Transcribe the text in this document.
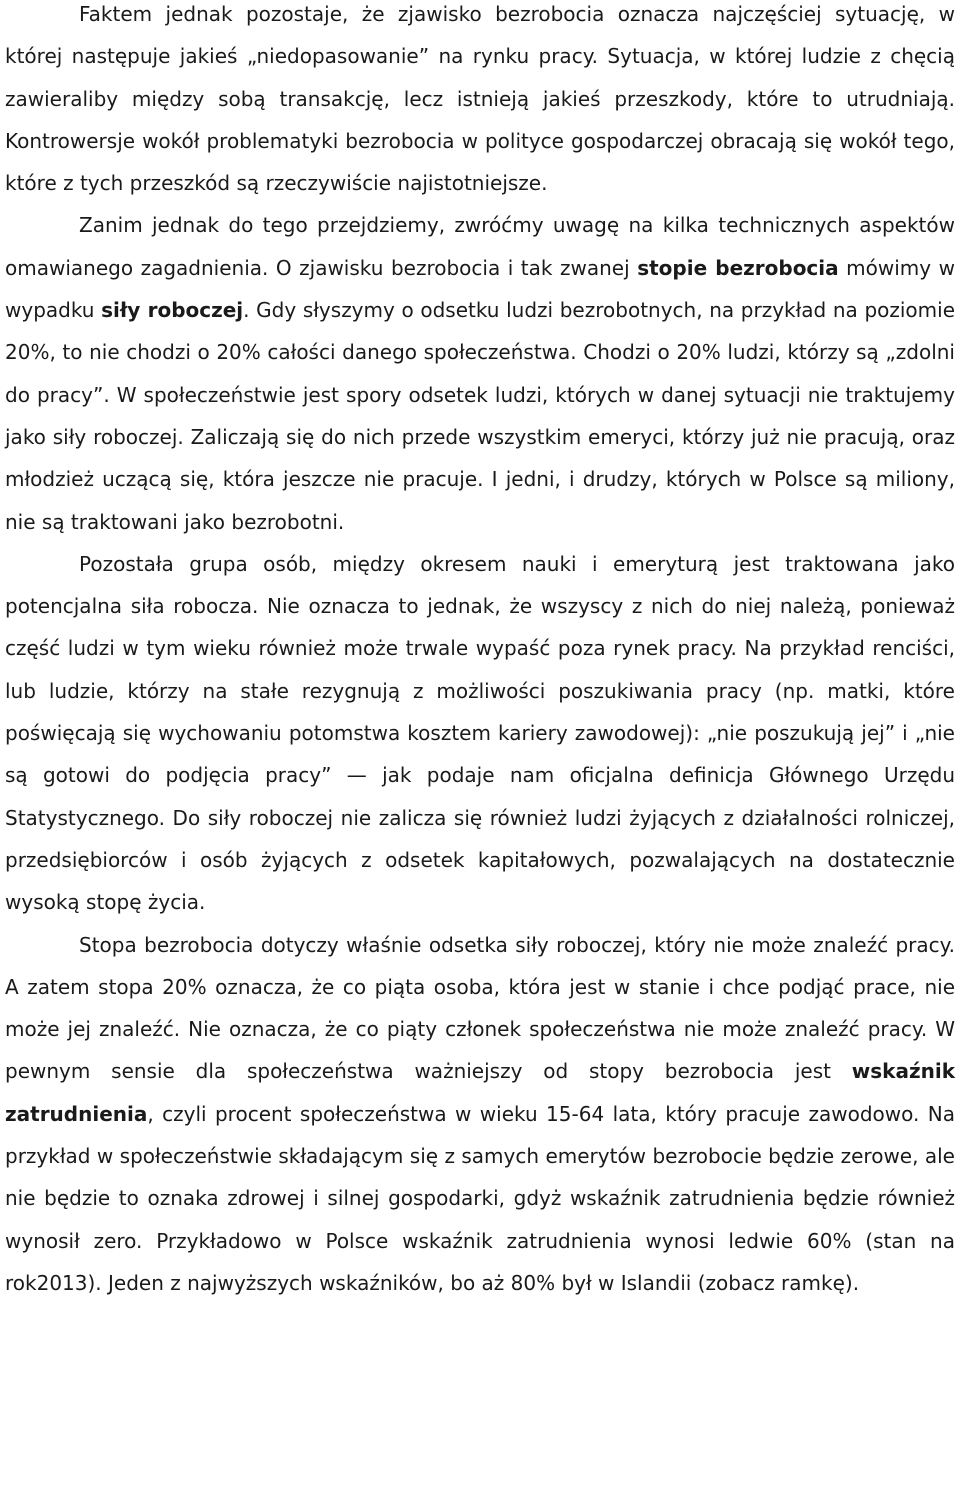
Faktem jednak pozostaje, że zjawisko bezrobocia oznacza najczęściej sytuację, w której następuje jakieś „niedopasowanie” na rynku pracy. Sytuacja, w której ludzie z chęcią zawieraliby między sobą transakcję, lecz istnieją jakieś przeszkody, które to utrudniają. Kontrowersje wokół problematyki bezrobocia w polityce gospodarczej obracają się wokół tego, które z tych przeszkód są rzeczywiście najistotniejsze.

Zanim jednak do tego przejdziemy, zwróćmy uwagę na kilka technicznych aspektów omawianego zagadnienia. O zjawisku bezrobocia i tak zwanej stopie bezrobocia mówimy w wypadku siły roboczej. Gdy słyszymy o odsetku ludzi bezrobotnych, na przykład na poziomie 20%, to nie chodzi o 20% całości danego społeczeństwa. Chodzi o 20% ludzi, którzy są „zdolni do pracy”. W społeczeństwie jest spory odsetek ludzi, których w danej sytuacji nie traktujemy jako siły roboczej. Zaliczają się do nich przede wszystkim emeryci, którzy już nie pracują, oraz młodzież uczącą się, która jeszcze nie pracuje. I jedni, i drudzy, których w Polsce są miliony, nie są traktowani jako bezrobotni.

Pozostała grupa osób, między okresem nauki i emeryturą jest traktowana jako potencjalna siła robocza. Nie oznacza to jednak, że wszyscy z nich do niej należą, ponieważ część ludzi w tym wieku również może trwale wypaść poza rynek pracy. Na przykład renciści, lub ludzie, którzy na stałe rezygnują z możliwości poszukiwania pracy (np. matki, które poświęcają się wychowaniu potomstwa kosztem kariery zawodowej): „nie poszukują jej” i „nie są gotowi do podjęcia pracy” — jak podaje nam oficjalna definicja Głównego Urzędu Statystycznego. Do siły roboczej nie zalicza się również ludzi żyjących z działalności rolniczej, przedsiębiorców i osób żyjących z odsetek kapitałowych, pozwalających na dostatecznie wysoką stopę życia.

Stopa bezrobocia dotyczy właśnie odsetka siły roboczej, który nie może znaleźć pracy. A zatem stopa 20% oznacza, że co piąta osoba, która jest w stanie i chce podjąć prace, nie może jej znaleźć. Nie oznacza, że co piąty członek społeczeństwa nie może znaleźć pracy. W pewnym sensie dla społeczeństwa ważniejszy od stopy bezrobocia jest wskaźnik zatrudnienia, czyli procent społeczeństwa w wieku 15-64 lata, który pracuje zawodowo. Na przykład w społeczeństwie składającym się z samych emerytów bezrobocie będzie zerowe, ale nie będzie to oznaka zdrowej i silnej gospodarki, gdyż wskaźnik zatrudnienia będzie również wynosił zero. Przykładowo w Polsce wskaźnik zatrudnienia wynosi ledwie 60% (stan na rok2013). Jeden z najwyższych wskaźników, bo aż 80% był w Islandii (zobacz ramkę).
